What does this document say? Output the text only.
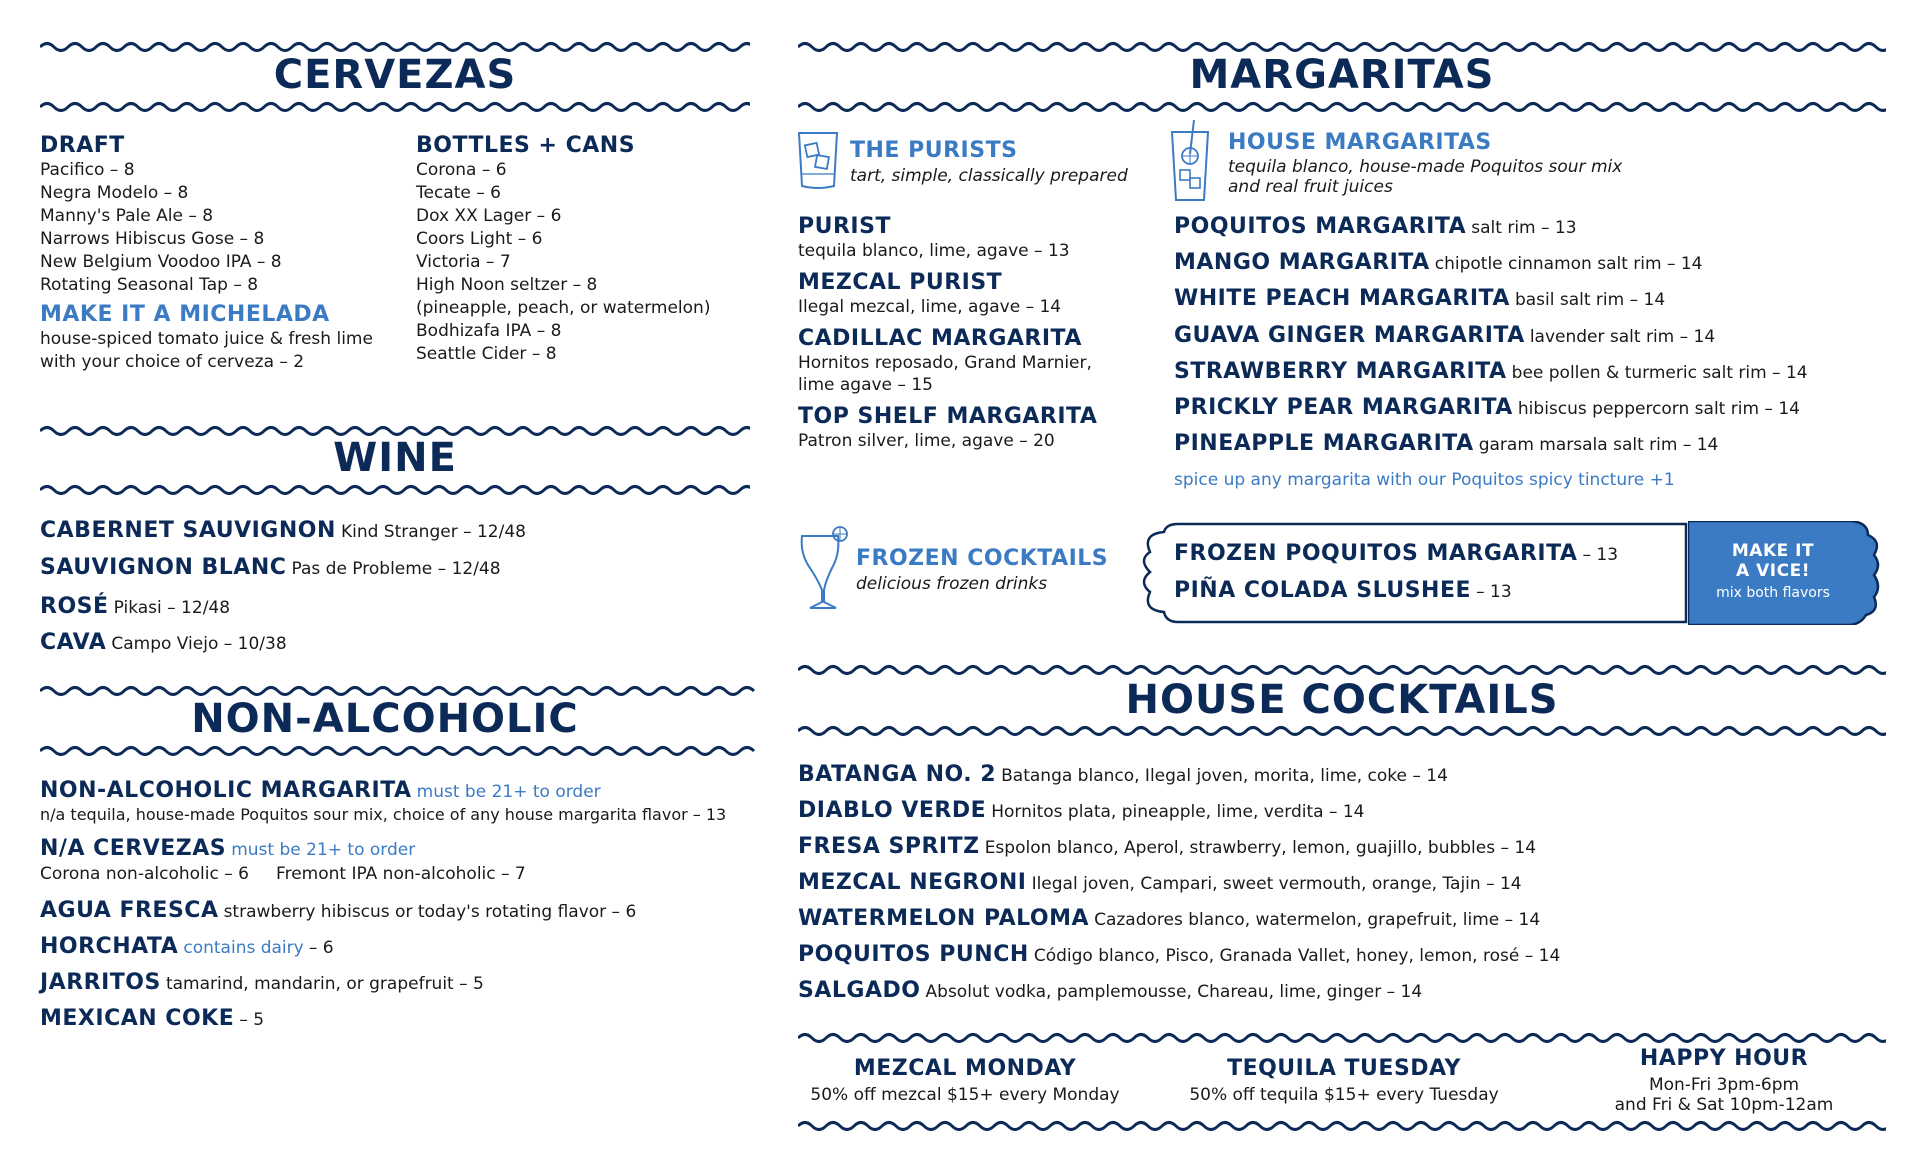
CERVEZAS
WINE
NON-ALCOHOLIC
MARGARITAS
HOUSE COCKTAILS
DRAFT
Pacifico – 8
Negra Modelo – 8
Manny's Pale Ale – 8
Narrows Hibiscus Gose – 8
New Belgium Voodoo IPA – 8
Rotating Seasonal Tap – 8
MAKE IT A MICHELADA
house-spiced tomato juice & fresh lime
with your choice of cerveza – 2
BOTTLES + CANS
Corona – 6
Tecate – 6
Dox XX Lager – 6
Coors Light – 6
Victoria – 7
High Noon seltzer – 8
(pineapple, peach, or watermelon)
Bodhizafa IPA – 8
Seattle Cider – 8
CABERNET SAUVIGNON Kind Stranger – 12/48
SAUVIGNON BLANC Pas de Probleme – 12/48
ROSÉ Pikasi – 12/48
CAVA Campo Viejo – 10/38
NON-ALCOHOLIC MARGARITA must be 21+ to order
n/a tequila, house-made Poquitos sour mix, choice of any house margarita flavor – 13
N/A CERVEZAS must be 21+ to order
Corona non-alcoholic – 6 Fremont IPA non-alcoholic – 7
AGUA FRESCA strawberry hibiscus or today's rotating flavor – 6
HORCHATA contains dairy – 6
JARRITOS tamarind, mandarin, or grapefruit – 5
MEXICAN COKE – 5
THE PURISTS
tart, simple, classically prepared
PURIST
tequila blanco, lime, agave – 13
MEZCAL PURIST
Ilegal mezcal, lime, agave – 14
CADILLAC MARGARITA
Hornitos reposado, Grand Marnier,
lime agave – 15
TOP SHELF MARGARITA
Patron silver, lime, agave – 20
HOUSE MARGARITAS
tequila blanco, house-made Poquitos sour mix
and real fruit juices
POQUITOS MARGARITA salt rim – 13
MANGO MARGARITA chipotle cinnamon salt rim – 14
WHITE PEACH MARGARITA basil salt rim – 14
GUAVA GINGER MARGARITA lavender salt rim – 14
STRAWBERRY MARGARITA bee pollen & turmeric salt rim – 14
PRICKLY PEAR MARGARITA hibiscus peppercorn salt rim – 14
PINEAPPLE MARGARITA garam marsala salt rim – 14
spice up any margarita with our Poquitos spicy tincture +1
FROZEN COCKTAILS
delicious frozen drinks
MAKE IT
A VICE!
mix both flavors
FROZEN POQUITOS MARGARITA – 13
PIÑA COLADA SLUSHEE – 13
BATANGA NO. 2 Batanga blanco, Ilegal joven, morita, lime, coke – 14
DIABLO VERDE Hornitos plata, pineapple, lime, verdita – 14
FRESA SPRITZ Espolon blanco, Aperol, strawberry, lemon, guajillo, bubbles – 14
MEZCAL NEGRONI Ilegal joven, Campari, sweet vermouth, orange, Tajin – 14
WATERMELON PALOMA Cazadores blanco, watermelon, grapefruit, lime – 14
POQUITOS PUNCH Código blanco, Pisco, Granada Vallet, honey, lemon, rosé – 14
SALGADO Absolut vodka, pamplemousse, Chareau, lime, ginger – 14
MEZCAL MONDAY
50% off mezcal $15+ every Monday
TEQUILA TUESDAY
50% off tequila $15+ every Tuesday
HAPPY HOUR
Mon-Fri 3pm-6pm
and Fri & Sat 10pm-12am
